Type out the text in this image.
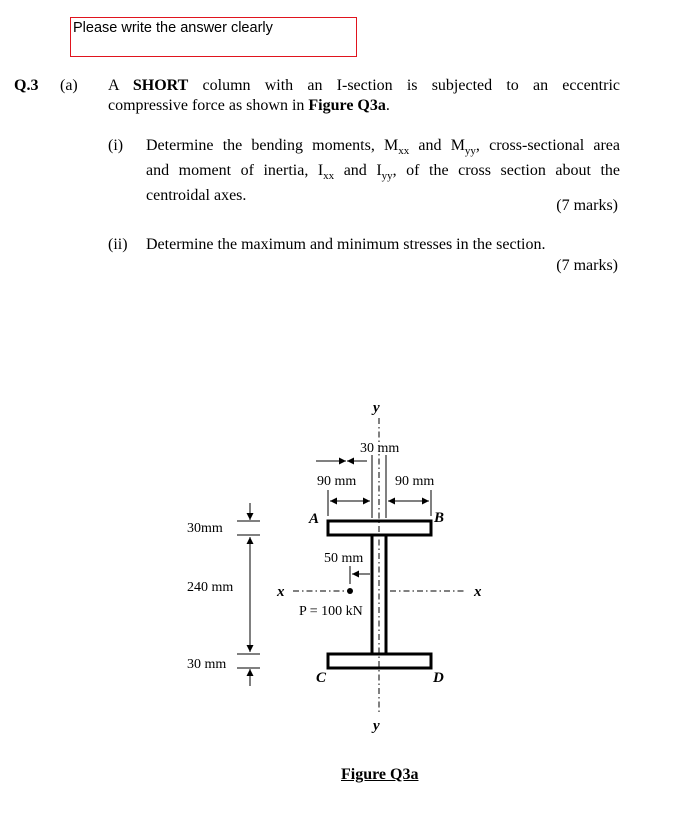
Please write the answer clearly
Q.3 (a) A SHORT column with an I-section is subjected to an eccentric
compressive force as shown in Figure Q3a.
(i) Determine the bending moments, $M_{xx}$ and $M_{yy}$, cross-sectional area
and moment of inertia, $I_{xx}$ and $I_{yy}$, of the cross section about the
centroidal axes.
(7 marks)
(ii) Determine the maximum and minimum stresses in the section.
(7 marks)
y
y
x	x
30 mm
90 mm	90 mm
A	B
C	D
30mm
240 mm
30 mm
50 mm
P = 100 kN
Figure Q3a
